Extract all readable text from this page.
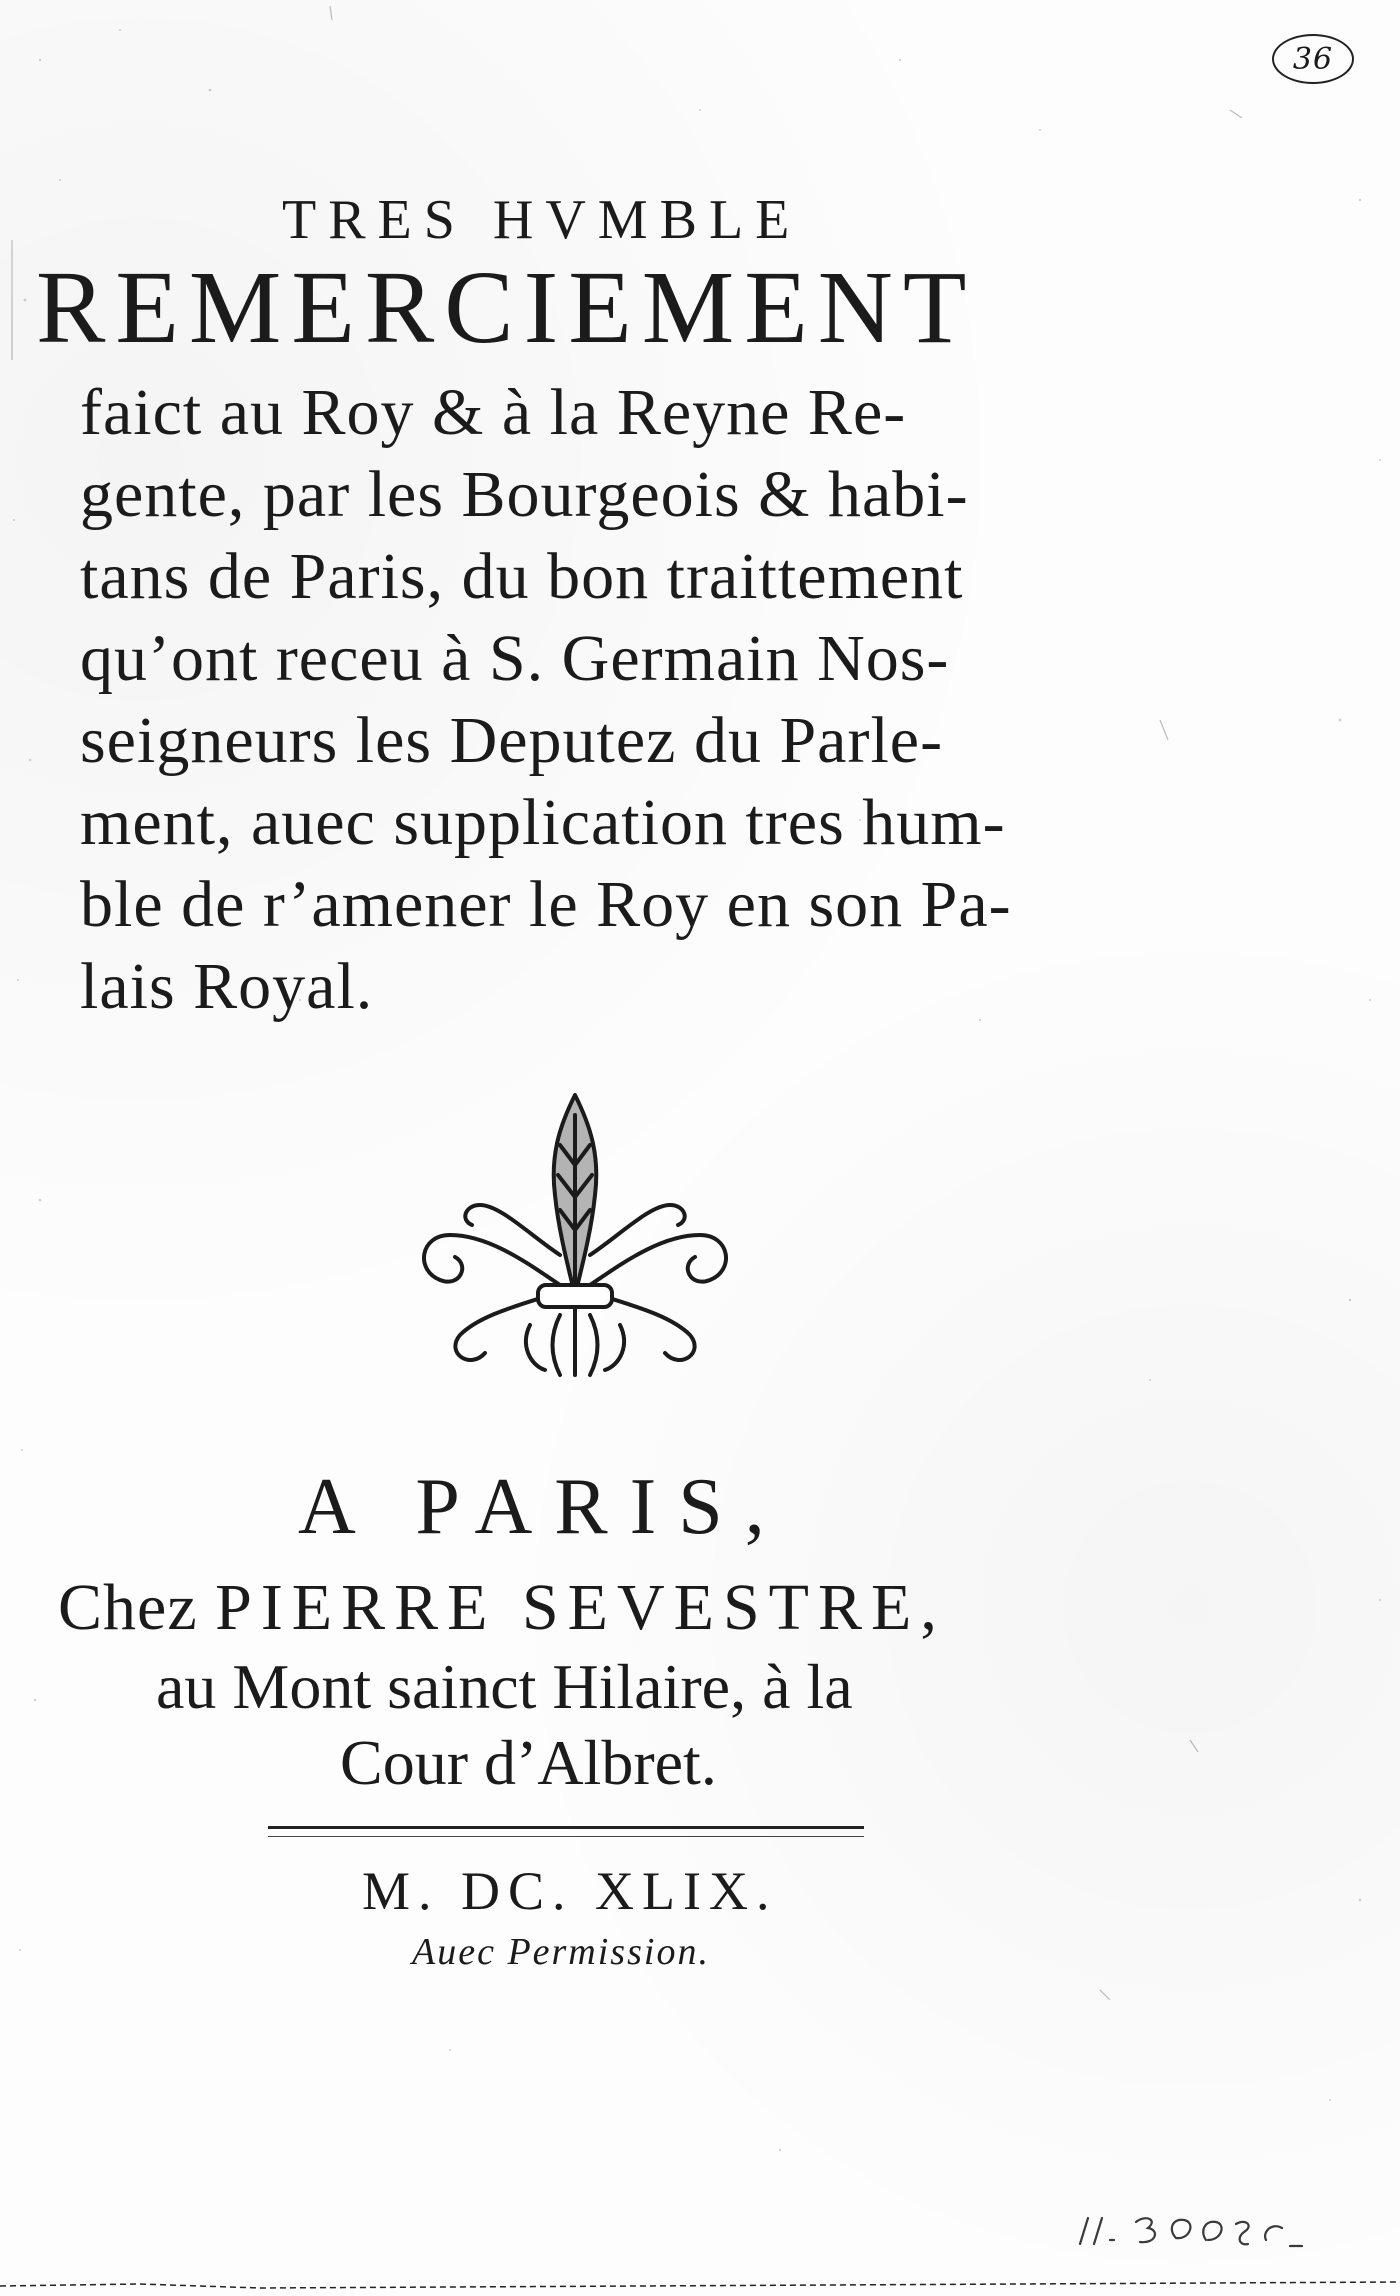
36
TRES HVMBLE
REMERCIEMENT
faict au Roy & à la Reyne Re-
gente, par les Bourgeois & habi-
tans de Paris, du bon traittement
qu’ont receu à S. Germain Nos-
seigneurs les Deputez du Parle-
ment, auec supplication tres hum-
ble de r’amener le Roy en son Pa-
lais Royal.
A PARIS,
Chez PIERRE SEVESTRE,
au Mont sainct Hilaire, à la
Cour d’Albret.
M. DC. XLIX.
Auec Permission.
